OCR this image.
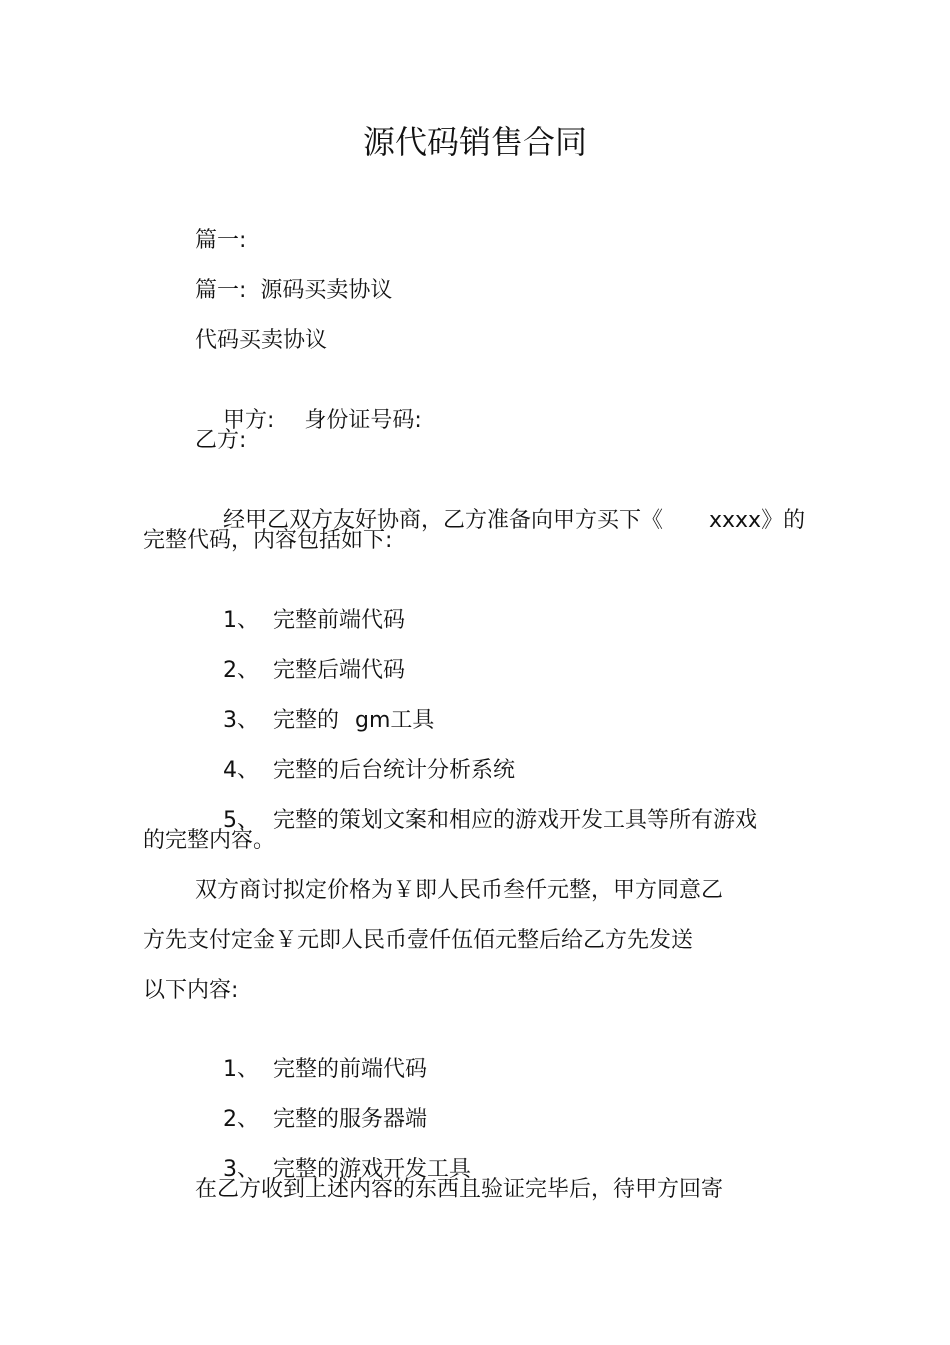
源代码销售合同
篇一:
篇一:  源码买卖协议
代码买卖协议

甲方: 身份证号码:

乙方:

经甲乙双方友好协商，乙方准备向甲方买下《 xxxx》的

完整代码，内容包括如下:

1、 完整前端代码

2、 完整后端代码

3、 完整的 gm工具

4、 完整的后台统计分析系统

5、 完整的策划文案和相应的游戏开发工具等所有游戏

的完整内容。
双方商讨拟定价格为￥即人民币叁仟元整，甲方同意乙
方先支付定金￥元即人民币壹仟伍佰元整后给乙方先发送
以下内容:

1、 完整的前端代码

2、 完整的服务器端

3、 完整的游戏开发工具

在乙方收到上述内容的东西且验证完毕后，待甲方回寄
